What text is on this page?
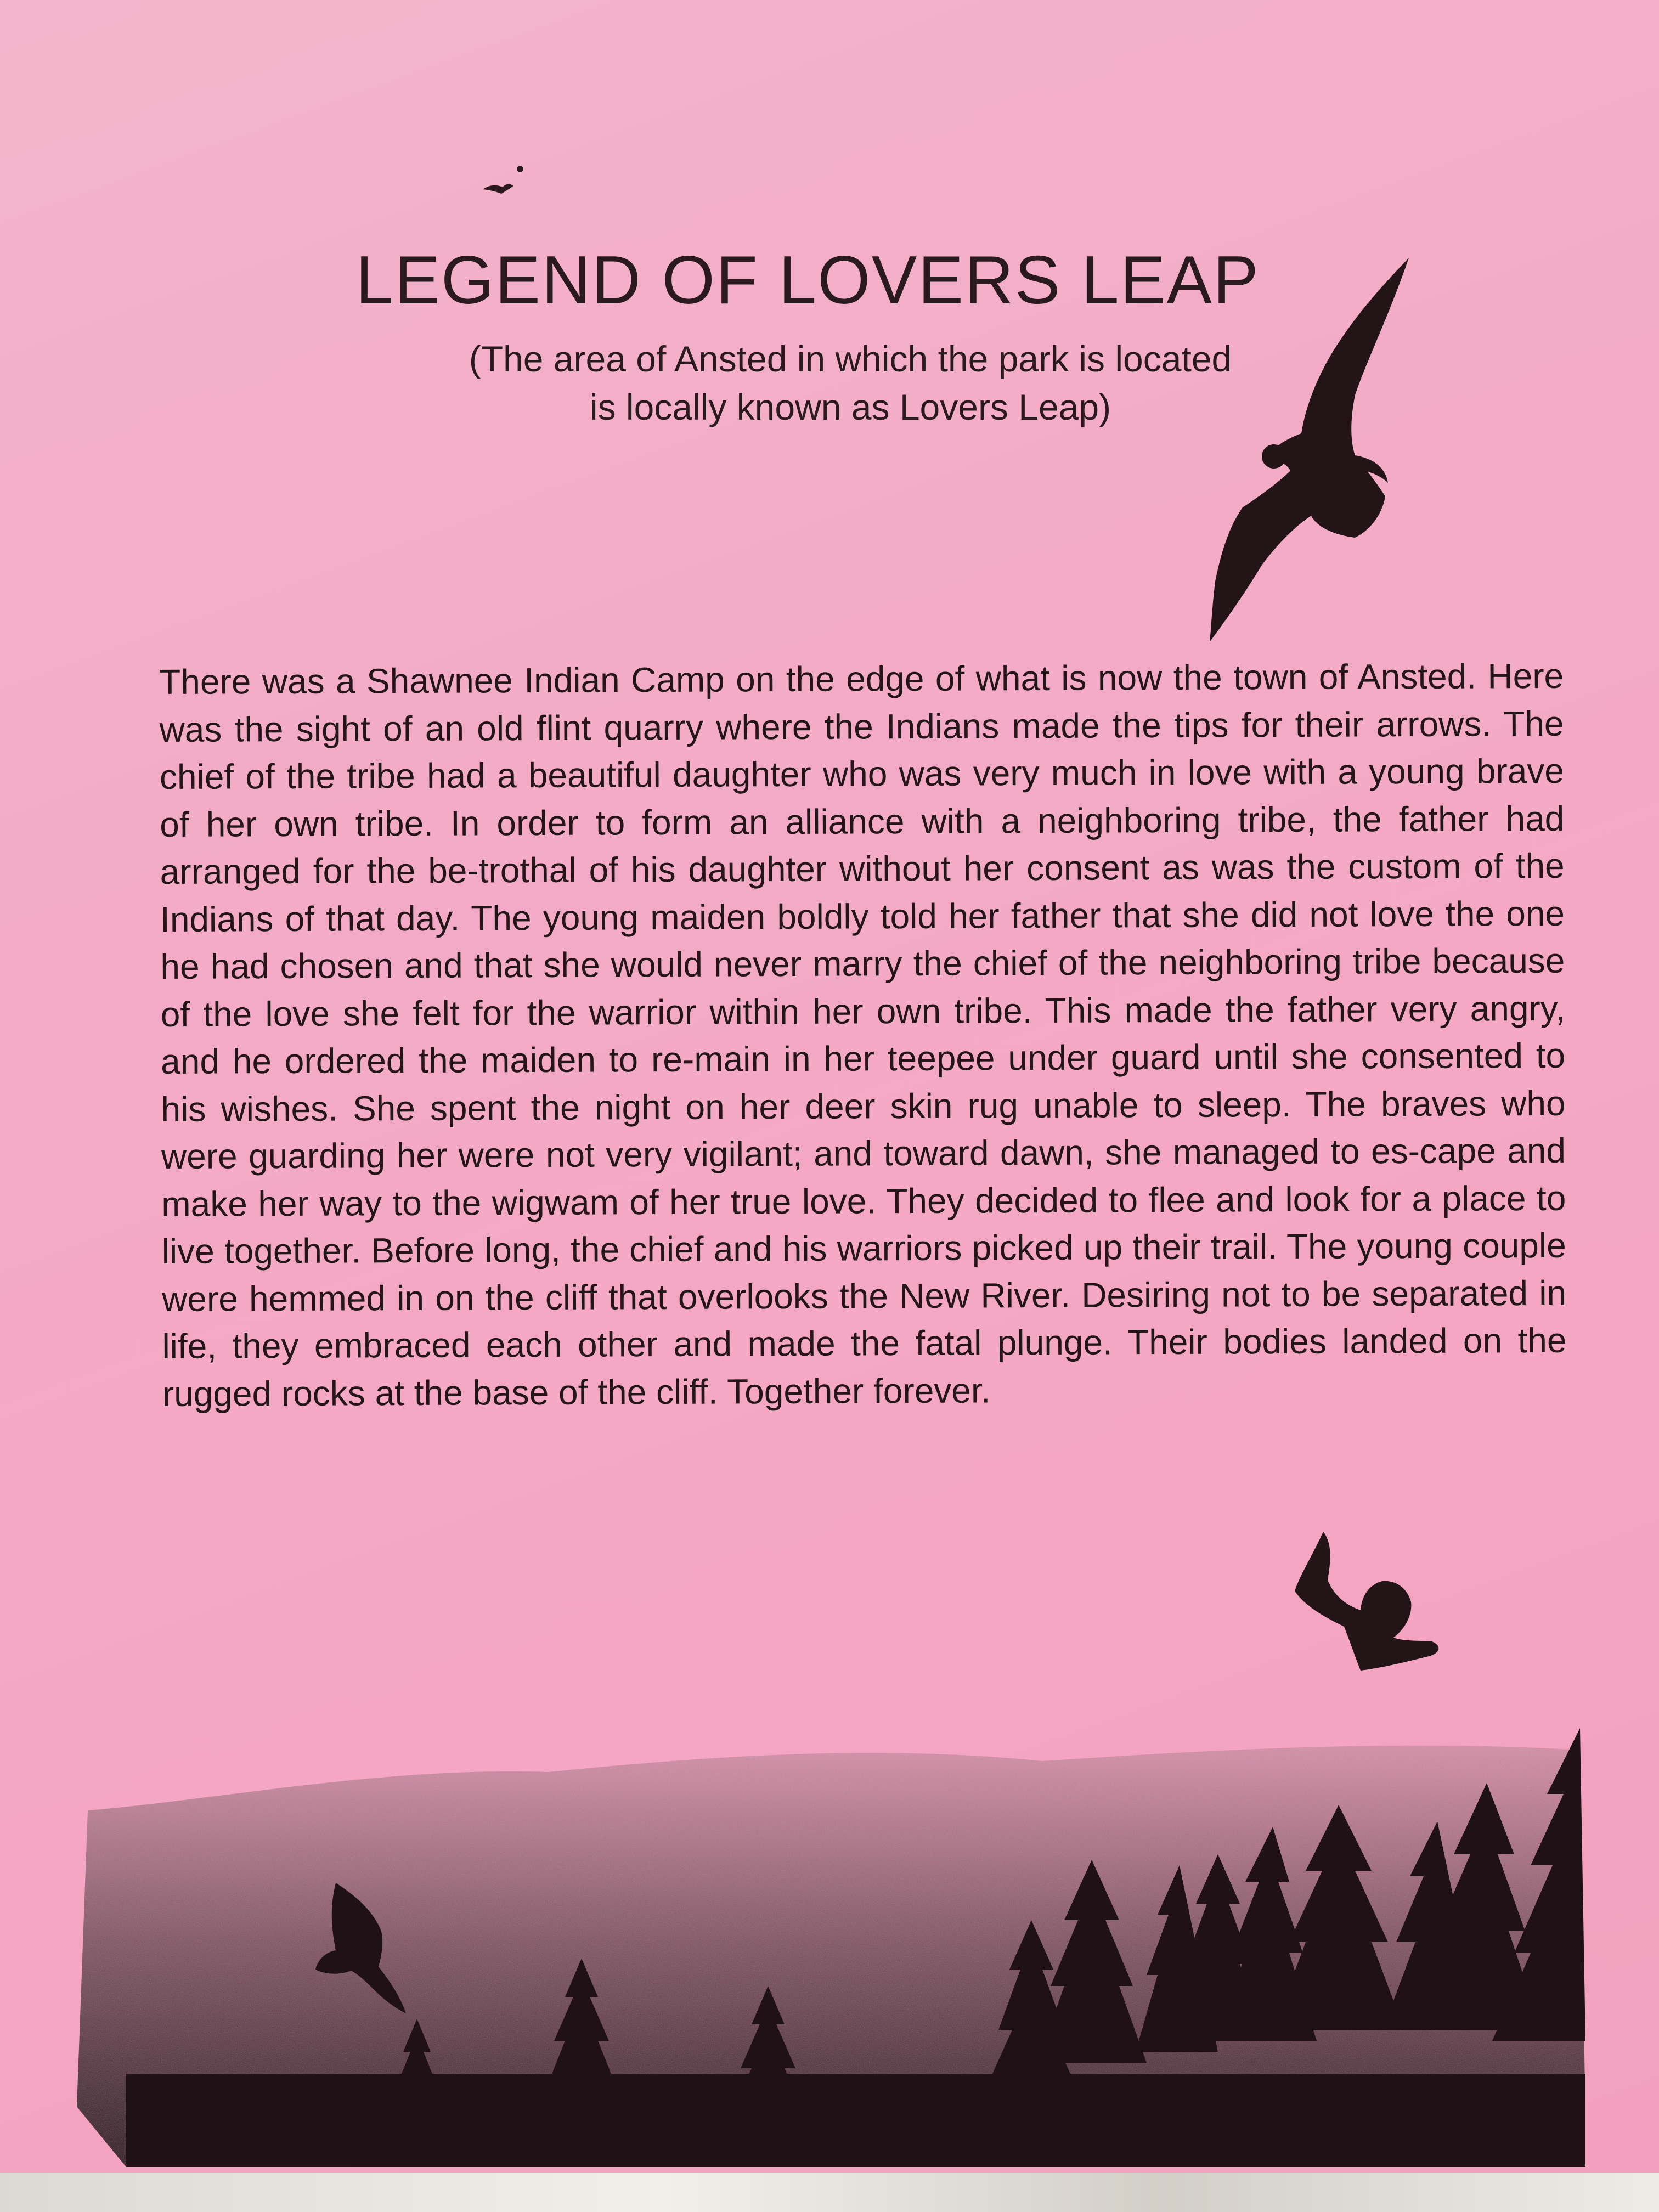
LEGEND OF LOVERS LEAP

(The area of Ansted in which the park is located
is locally known as Lovers Leap)

There was a Shawnee Indian Camp on the edge of what is now the town of Ansted. Here was the sight of an old flint quarry where the Indians made the tips for their arrows. The chief of the tribe had a beautiful daughter who was very much in love with a young brave of her own tribe. In order to form an alliance with a neighboring tribe, the father had arranged for the be-trothal of his daughter without her consent as was the custom of the Indians of that day. The young maiden boldly told her father that she did not love the one he had chosen and that she would never marry the chief of the neighboring tribe because of the love she felt for the warrior within her own tribe. This made the father very angry, and he ordered the maiden to re-main in her teepee under guard until she consented to his wishes. She spent the night on her deer skin rug unable to sleep. The braves who were guarding her were not very vigilant; and toward dawn, she managed to es-cape and make her way to the wigwam of her true love. They decided to flee and look for a place to live together. Before long, the chief and his warriors picked up their trail. The young couple were hemmed in on the cliff that overlooks the New River. Desiring not to be separated in life, they embraced each other and made the fatal plunge. Their bodies landed on the rugged rocks at the base of the cliff. Together forever.
